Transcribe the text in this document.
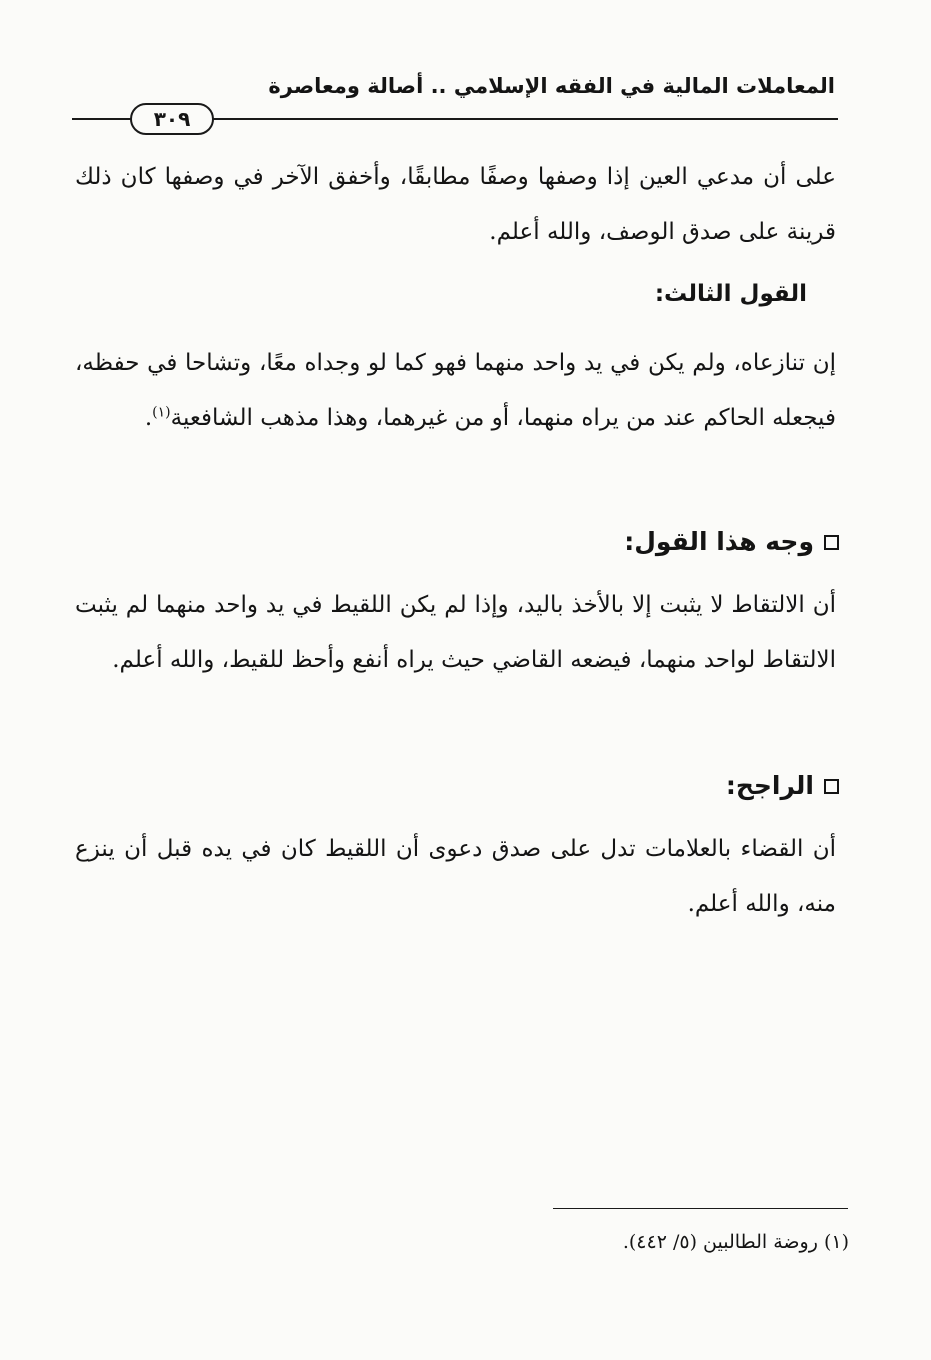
المعاملات المالية في الفقه الإسلامي .. أصالة ومعاصرة
٣٠٩

على أن مدعي العين إذا وصفها وصفًا مطابقًا، وأخفق الآخر في وصفها كان ذلك قرينة على صدق الوصف، والله أعلم.

القول الثالث:

إن تنازعاه، ولم يكن في يد واحد منهما فهو كما لو وجداه معًا، وتشاحا في حفظه، فيجعله الحاكم عند من يراه منهما، أو من غيرهما، وهذا مذهب الشافعية$^{(١)}$.

وجه هذا القول:

أن الالتقاط لا يثبت إلا بالأخذ باليد، وإذا لم يكن اللقيط في يد واحد منهما لم يثبت الالتقاط لواحد منهما، فيضعه القاضي حيث يراه أنفع وأحظ للقيط، والله أعلم.

الراجح:

أن القضاء بالعلامات تدل على صدق دعوى أن اللقيط كان في يده قبل أن ينزع منه، والله أعلم.

(١) روضة الطالبين (٥/ ٤٤٢).
